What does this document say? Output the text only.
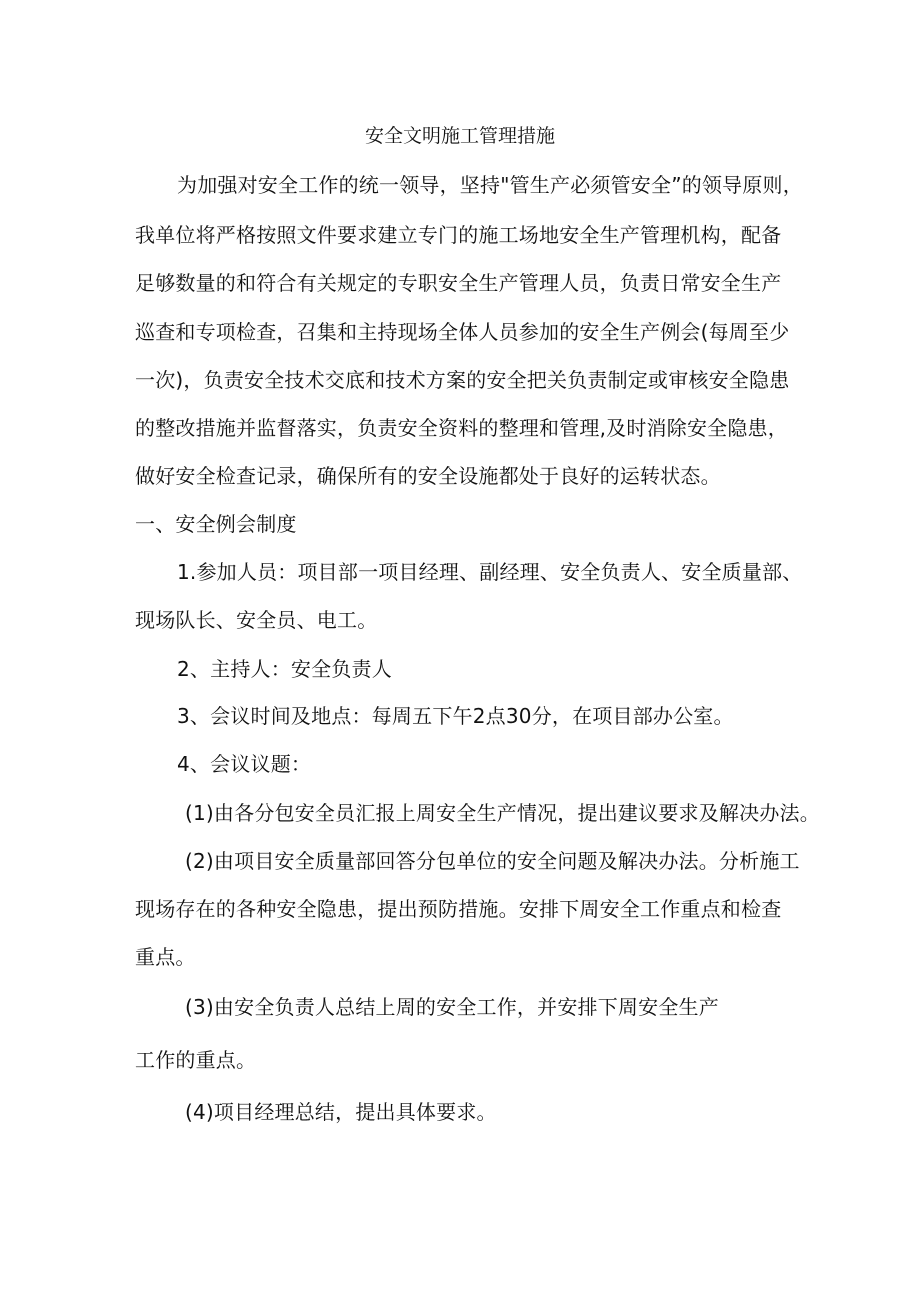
安全文明施工管理措施
为加强对安全工作的统一领导，坚持"管生产必须管安全”的领导原则，
我单位将严格按照文件要求建立专门的施工场地安全生产管理机构，配备
足够数量的和符合有关规定的专职安全生产管理人员，负责日常安全生产
巡查和专项检查，召集和主持现场全体人员参加的安全生产例会(每周至少
一次)，负责安全技术交底和技术方案的安全把关负责制定或审核安全隐患
的整改措施并监督落实，负责安全资料的整理和管理,及时消除安全隐患，
做好安全检查记录，确保所有的安全设施都处于良好的运转状态。
一、安全例会制度
1.参加人员：项目部一项目经理、副经理、安全负责人、安全质量部、
现场队长、安全员、电工。
2、主持人：安全负责人
3、会议时间及地点：每周五下午2点30分，在项目部办公室。
4、会议议题：
(1)由各分包安全员汇报上周安全生产情况，提出建议要求及解决办法。
(2)由项目安全质量部回答分包单位的安全问题及解决办法。分析施工
现场存在的各种安全隐患，提出预防措施。安排下周安全工作重点和检查
重点。
(3)由安全负责人总结上周的安全工作，并安排下周安全生产
工作的重点。
(4)项目经理总结，提出具体要求。
